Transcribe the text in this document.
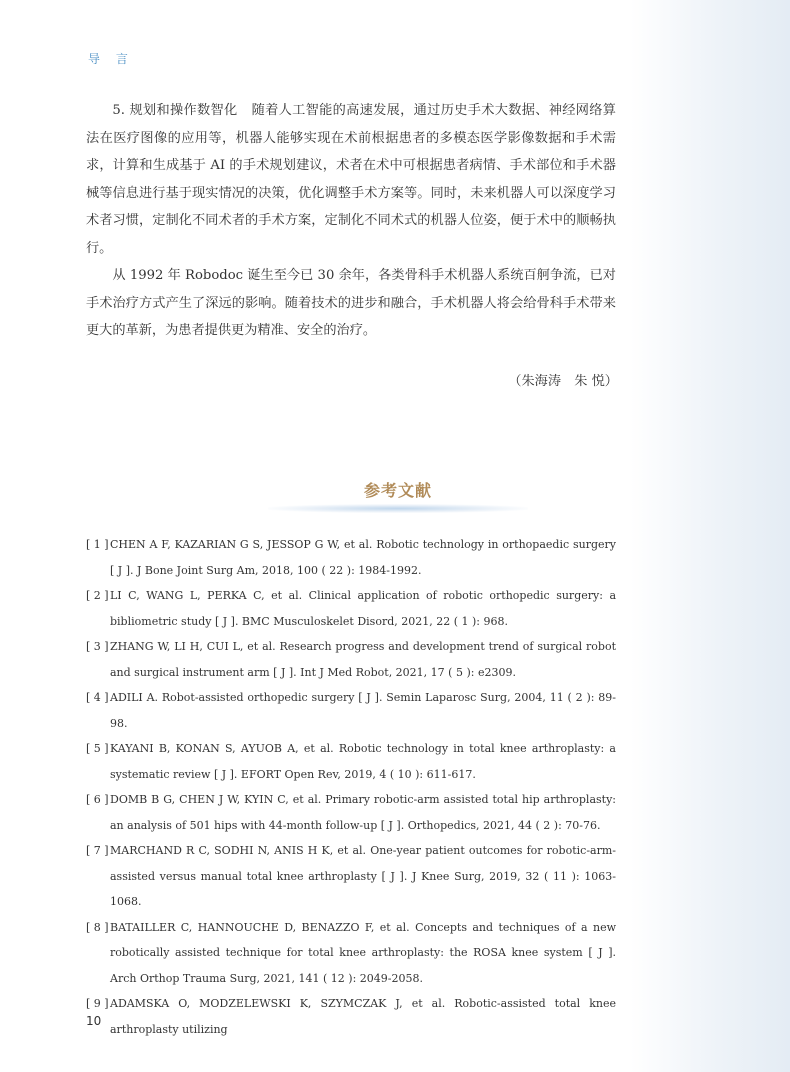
导 言

5. 规划和操作数智化 随着人工智能的高速发展，通过历史手术大数据、神经网络算法在医疗图像的应用等，机器人能够实现在术前根据患者的多模态医学影像数据和手术需求，计算和生成基于 AI 的手术规划建议，术者在术中可根据患者病情、手术部位和手术器械等信息进行基于现实情况的决策，优化调整手术方案等。同时，未来机器人可以深度学习术者习惯，定制化不同术者的手术方案，定制化不同术式的机器人位姿，便于术中的顺畅执行。

从 1992 年 Robodoc 诞生至今已 30 余年，各类骨科手术机器人系统百舸争流，已对手术治疗方式产生了深远的影响。随着技术的进步和融合，手术机器人将会给骨科手术带来更大的革新，为患者提供更为精准、安全的治疗。

（朱海涛　朱 悦）
参考文献
[ 1 ] CHEN A F, KAZARIAN G S, JESSOP G W, et al. Robotic technology in orthopaedic surgery [ J ]. J Bone Joint Surg Am, 2018, 100 ( 22 ): 1984-1992.
[ 2 ] LI C, WANG L, PERKA C, et al. Clinical application of robotic orthopedic surgery: a bibliometric study [ J ]. BMC Musculoskelet Disord, 2021, 22 ( 1 ): 968.
[ 3 ] ZHANG W, LI H, CUI L, et al. Research progress and development trend of surgical robot and surgical instrument arm [ J ]. Int J Med Robot, 2021, 17 ( 5 ): e2309.
[ 4 ] ADILI A. Robot-assisted orthopedic surgery [ J ]. Semin Laparosc Surg, 2004, 11 ( 2 ): 89-98.
[ 5 ] KAYANI B, KONAN S, AYUOB A, et al. Robotic technology in total knee arthroplasty: a systematic review [ J ]. EFORT Open Rev, 2019, 4 ( 10 ): 611-617.
[ 6 ] DOMB B G, CHEN J W, KYIN C, et al. Primary robotic-arm assisted total hip arthroplasty: an analysis of 501 hips with 44-month follow-up [ J ]. Orthopedics, 2021, 44 ( 2 ): 70-76.
[ 7 ] MARCHAND R C, SODHI N, ANIS H K, et al. One-year patient outcomes for robotic-arm-assisted versus manual total knee arthroplasty [ J ]. J Knee Surg, 2019, 32 ( 11 ): 1063-1068.
[ 8 ] BATAILLER C, HANNOUCHE D, BENAZZO F, et al. Concepts and techniques of a new robotically assisted technique for total knee arthroplasty: the ROSA knee system [ J ]. Arch Orthop Trauma Surg, 2021, 141 ( 12 ): 2049-2058.
[ 9 ] ADAMSKA O, MODZELEWSKI K, SZYMCZAK J, et al. Robotic-assisted total knee arthroplasty utilizing
10
